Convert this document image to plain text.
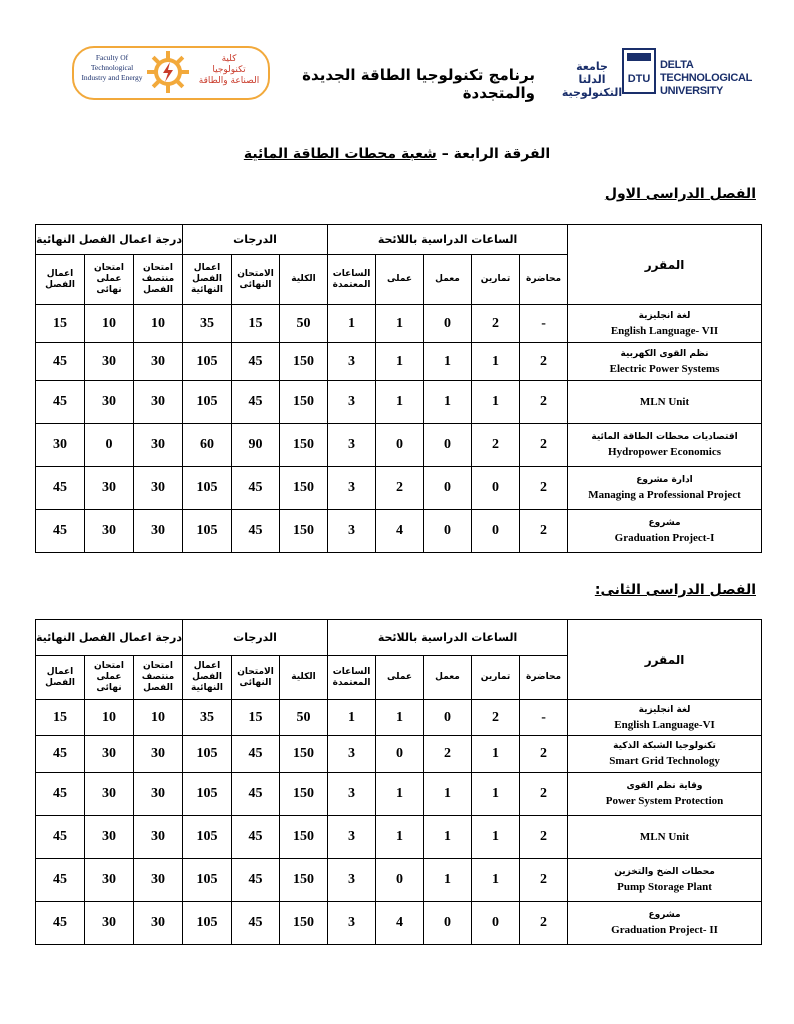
Faculty Of
Technological
Industry and Energy
كلية
تكنولوجيا
الصناعة والطاقة	برنامج تكنولوجيا الطاقة الجديدة والمتجددة
جامعة الدلتا
التكنولوجية
DTU
DELTA TECHNOLOGICAL
UNIVERSITY
الفرقة الرابعة – شعبة محطات الطاقة المائية
الفصل الدراسى الاول
المقرر	الساعات الدراسية باللائحة					الدرجات			درجة اعمال الفصل النهائية		
	محاضرة	تمارين	معمل	عملى	الساعات المعتمدة	الكلية	الامتحان النهائى	اعمال الفصل النهائية	امتحان منتصف الفصل	امتحان عملى نهائى	اعمال الفصل

لغة انجليزية
English Language- VII	-	2	0	1	1	50	15	35	10	10	15

نظم القوى الكهربية
Electric Power Systems	2	1	1	1	3	150	45	105	30	30	45

MLN Unit	2	1	1	1	3	150	45	105	30	30	45

اقتصاديات محطات الطاقة المائية
Hydropower Economics	2	2	0	0	3	150	90	60	30	0	30

ادارة مشروع
Managing a Professional Project	2	0	0	2	3	150	45	105	30	30	45

مشروع
Graduation Project-I	2	0	0	4	3	150	45	105	30	30	45
الفصل الدراسى الثانى:
المقرر	الساعات الدراسية باللائحة					الدرجات			درجة اعمال الفصل النهائية		
	محاضرة	تمارين	معمل	عملى	الساعات المعتمدة	الكلية	الامتحان النهائى	اعمال الفصل النهائية	امتحان منتصف الفصل	امتحان عملى نهائى	اعمال الفصل

لغة انجليزية
English Language-VI	-	2	0	1	1	50	15	35	10	10	15

تكنولوجيا الشبكة الذكية
Smart Grid Technology	2	1	2	0	3	150	45	105	30	30	45

وقاية نظم القوى
Power System Protection	2	1	1	1	3	150	45	105	30	30	45

MLN Unit	2	1	1	1	3	150	45	105	30	30	45

محطات الضخ والتخزين
Pump Storage Plant	2	1	1	0	3	150	45	105	30	30	45

مشروع
Graduation Project- II	2	0	0	4	3	150	45	105	30	30	45
